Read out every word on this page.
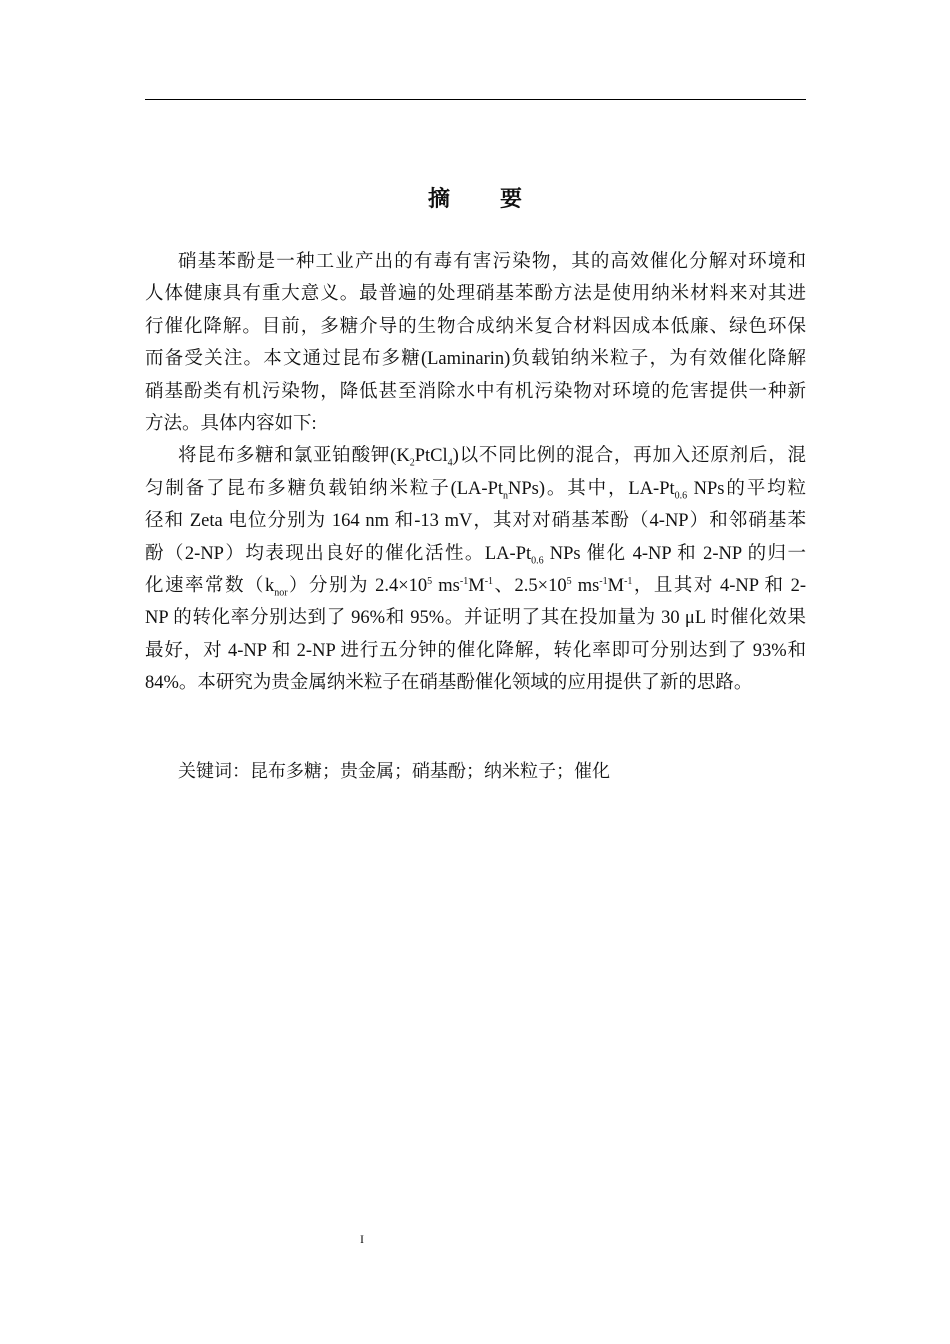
摘 要
硝基苯酚是一种工业产出的有毒有害污染物，其的高效催化分解对环境和
人体健康具有重大意义。最普遍的处理硝基苯酚方法是使用纳米材料来对其进
行催化降解。目前，多糖介导的生物合成纳米复合材料因成本低廉、绿色环保
而备受关注。本文通过昆布多糖(Laminarin)负载铂纳米粒子，为有效催化降解
硝基酚类有机污染物，降低甚至消除水中有机污染物对环境的危害提供一种新
方法。具体内容如下:
将昆布多糖和氯亚铂酸钾$(K_2PtCl_4)$以不同比例的混合，再加入还原剂后，混
匀制备了昆布多糖负载铂纳米粒子$(LA-Pt_nNPs)$。其中，$LA-Pt_{0.6}$ NPs的平均粒
径和 Zeta 电位分别为 164 nm 和-13 mV，其对对硝基苯酚（4-NP）和邻硝基苯
酚（2-NP）均表现出良好的催化活性。$LA-Pt_{0.6}$ NPs 催化 4-NP 和 2-NP 的归一
化速率常数$(k_{nor})$分别为 $2.4\times 10^5$ $ms^{-1}M^{-1}$、$2.5\times 10^5$ $ms^{-1}M^{-1}$，且其对 4-NP 和 2-
NP 的转化率分别达到了 96%和 95%。并证明了其在投加量为 30 μL 时催化效果
最好，对 4-NP 和 2-NP 进行五分钟的催化降解，转化率即可分别达到了 93%和
84%。本研究为贵金属纳米粒子在硝基酚催化领域的应用提供了新的思路。
关键词：昆布多糖；贵金属；硝基酚；纳米粒子；催化
I
